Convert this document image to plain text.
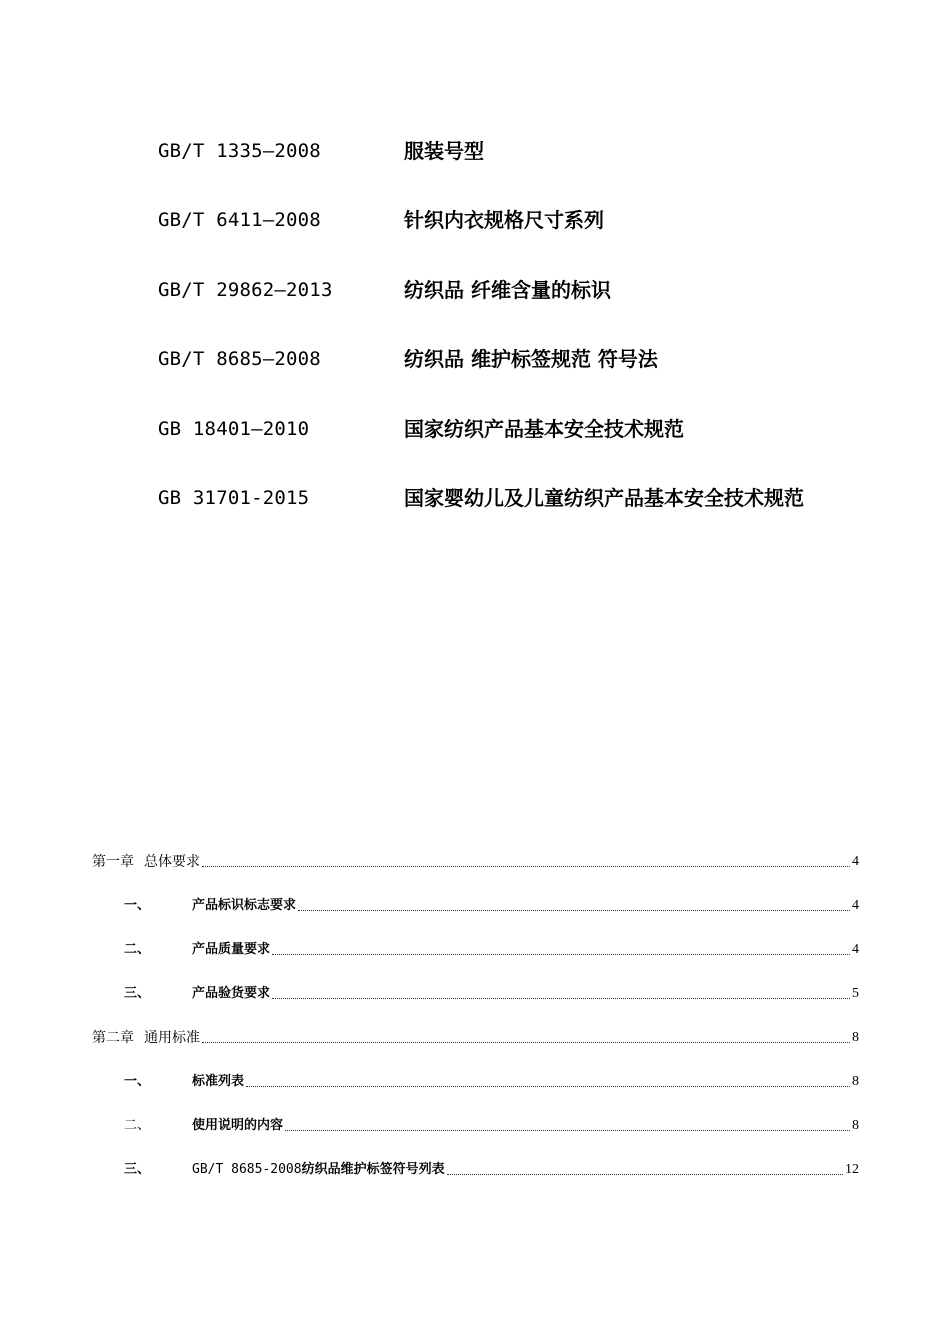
GB/T 1335—2008	服装号型
GB/T 6411—2008	针织内衣规格尺寸系列
GB/T 29862—2013	纺织品 纤维含量的标识
GB/T 8685—2008	纺织品 维护标签规范 符号法
GB 18401—2010	国家纺织产品基本安全技术规范
GB 31701-2015	国家婴幼儿及儿童纺织产品基本安全技术规范
第一章 总体要求	4
一、	产品标识标志要求	4
二、	产品质量要求	4
三、	产品验货要求	5
第二章 通用标准	8
一、	标准列表	8
二、	使用说明的内容	8
三、	GB/T 8685-2008 纺织品维护标签符号列表	12
